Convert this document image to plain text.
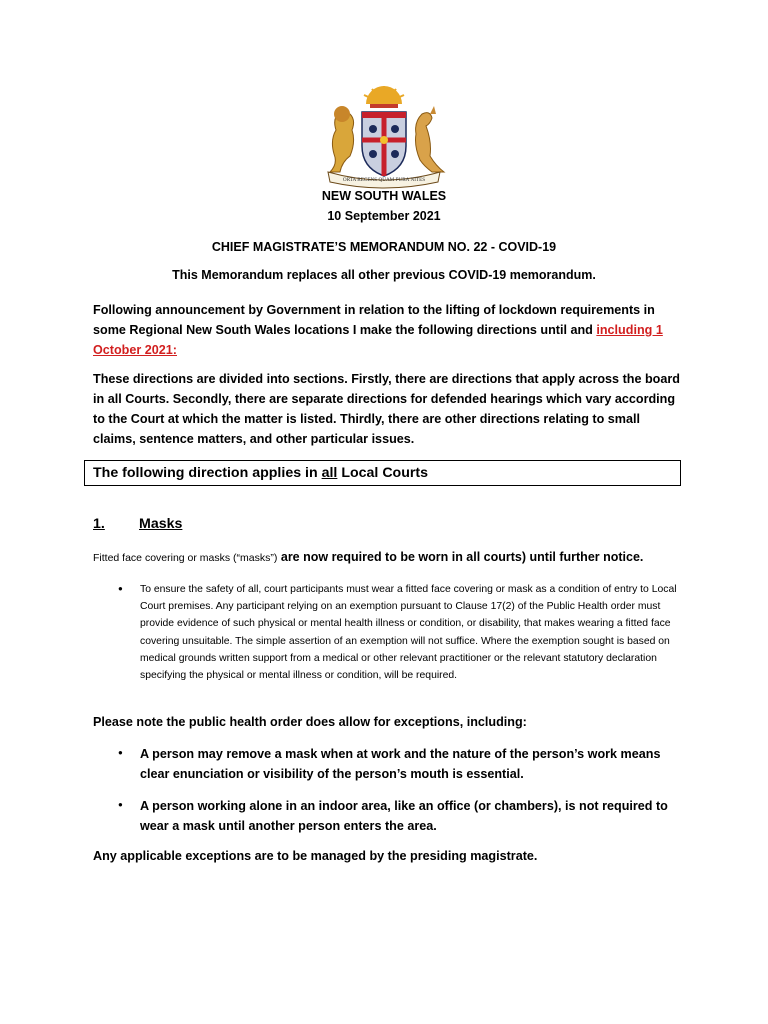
ORTA RECENS QUAM PURA NITES
NEW SOUTH WALES
10 September 2021
CHIEF MAGISTRATE’S MEMORANDUM NO. 22 - COVID-19
This Memorandum replaces all other previous COVID-19 memorandum.
Following announcement by Government in relation to the lifting of lockdown requirements in some Regional New South Wales locations I make the following directions until and including 1 October 2021:
These directions are divided into sections. Firstly, there are directions that apply across the board in all Courts. Secondly, there are separate directions for defended hearings which vary according to the Court at which the matter is listed. Thirdly, there are other directions relating to small claims, sentence matters, and other particular issues.
The following direction applies in all Local Courts
1. Masks
Fitted face covering or masks (“masks”) are now required to be worn in all courts) until further notice.
● To ensure the safety of all, court participants must wear a fitted face covering or mask as a condition of entry to Local Court premises. Any participant relying on an exemption pursuant to Clause 17(2) of the Public Health order must provide evidence of such physical or mental health illness or condition, or disability, that makes wearing a fitted face covering unsuitable. The simple assertion of an exemption will not suffice. Where the exemption sought is based on medical grounds written support from a medical or other relevant practitioner or the relevant statutory declaration specifying the physical or mental illness or condition, will be required.
Please note the public health order does allow for exceptions, including:
● A person may remove a mask when at work and the nature of the person’s work means clear enunciation or visibility of the person’s mouth is essential.
● A person working alone in an indoor area, like an office (or chambers), is not required to wear a mask until another person enters the area.
Any applicable exceptions are to be managed by the presiding magistrate.
